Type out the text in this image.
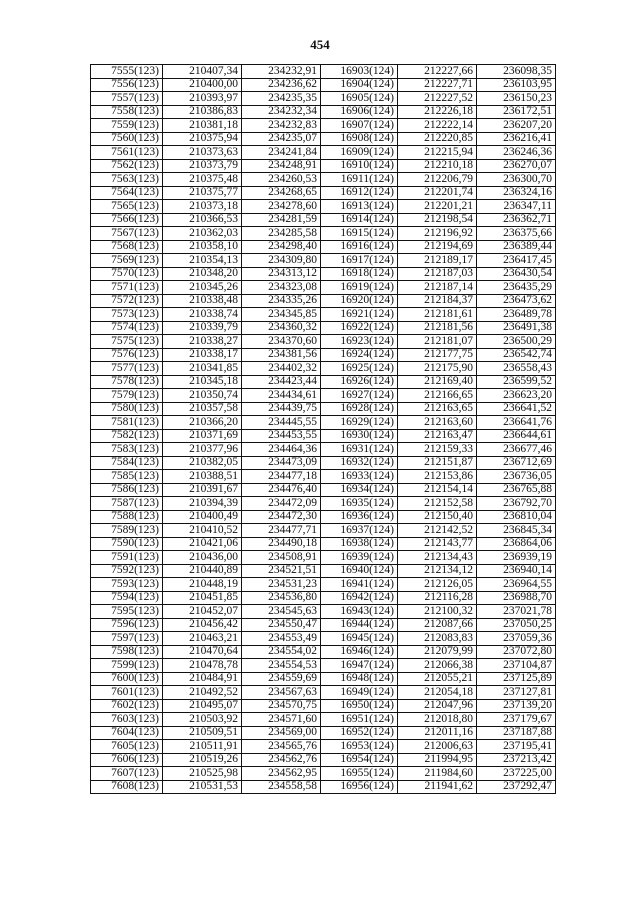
454
7555(123)	210407,34	234232,91	16903(124)	212227,66	236098,35
7556(123)	210400,00	234236,62	16904(124)	212227,71	236103,95
7557(123)	210393,97	234235,35	16905(124)	212227,52	236150,23
7558(123)	210386,83	234232,34	16906(124)	212226,18	236172,51
7559(123)	210381,18	234232,83	16907(124)	212222,14	236207,20
7560(123)	210375,94	234235,07	16908(124)	212220,85	236216,41
7561(123)	210373,63	234241,84	16909(124)	212215,94	236246,36
7562(123)	210373,79	234248,91	16910(124)	212210,18	236270,07
7563(123)	210375,48	234260,53	16911(124)	212206,79	236300,70
7564(123)	210375,77	234268,65	16912(124)	212201,74	236324,16
7565(123)	210373,18	234278,60	16913(124)	212201,21	236347,11
7566(123)	210366,53	234281,59	16914(124)	212198,54	236362,71
7567(123)	210362,03	234285,58	16915(124)	212196,92	236375,66
7568(123)	210358,10	234298,40	16916(124)	212194,69	236389,44
7569(123)	210354,13	234309,80	16917(124)	212189,17	236417,45
7570(123)	210348,20	234313,12	16918(124)	212187,03	236430,54
7571(123)	210345,26	234323,08	16919(124)	212187,14	236435,29
7572(123)	210338,48	234335,26	16920(124)	212184,37	236473,62
7573(123)	210338,74	234345,85	16921(124)	212181,61	236489,78
7574(123)	210339,79	234360,32	16922(124)	212181,56	236491,38
7575(123)	210338,27	234370,60	16923(124)	212181,07	236500,29
7576(123)	210338,17	234381,56	16924(124)	212177,75	236542,74
7577(123)	210341,85	234402,32	16925(124)	212175,90	236558,43
7578(123)	210345,18	234423,44	16926(124)	212169,40	236599,52
7579(123)	210350,74	234434,61	16927(124)	212166,65	236623,20
7580(123)	210357,58	234439,75	16928(124)	212163,65	236641,52
7581(123)	210366,20	234445,55	16929(124)	212163,60	236641,76
7582(123)	210371,69	234453,55	16930(124)	212163,47	236644,61
7583(123)	210377,96	234464,36	16931(124)	212159,33	236677,46
7584(123)	210382,05	234473,09	16932(124)	212151,87	236712,69
7585(123)	210388,51	234477,18	16933(124)	212153,86	236736,05
7586(123)	210391,67	234476,40	16934(124)	212154,14	236765,88
7587(123)	210394,39	234472,09	16935(124)	212152,58	236792,70
7588(123)	210400,49	234472,30	16936(124)	212150,40	236810,04
7589(123)	210410,52	234477,71	16937(124)	212142,52	236845,34
7590(123)	210421,06	234490,18	16938(124)	212143,77	236864,06
7591(123)	210436,00	234508,91	16939(124)	212134,43	236939,19
7592(123)	210440,89	234521,51	16940(124)	212134,12	236940,14
7593(123)	210448,19	234531,23	16941(124)	212126,05	236964,55
7594(123)	210451,85	234536,80	16942(124)	212116,28	236988,70
7595(123)	210452,07	234545,63	16943(124)	212100,32	237021,78
7596(123)	210456,42	234550,47	16944(124)	212087,66	237050,25
7597(123)	210463,21	234553,49	16945(124)	212083,83	237059,36
7598(123)	210470,64	234554,02	16946(124)	212079,99	237072,80
7599(123)	210478,78	234554,53	16947(124)	212066,38	237104,87
7600(123)	210484,91	234559,69	16948(124)	212055,21	237125,89
7601(123)	210492,52	234567,63	16949(124)	212054,18	237127,81
7602(123)	210495,07	234570,75	16950(124)	212047,96	237139,20
7603(123)	210503,92	234571,60	16951(124)	212018,80	237179,67
7604(123)	210509,51	234569,00	16952(124)	212011,16	237187,88
7605(123)	210511,91	234565,76	16953(124)	212006,63	237195,41
7606(123)	210519,26	234562,76	16954(124)	211994,95	237213,42
7607(123)	210525,98	234562,95	16955(124)	211984,60	237225,00
7608(123)	210531,53	234558,58	16956(124)	211941,62	237292,47
